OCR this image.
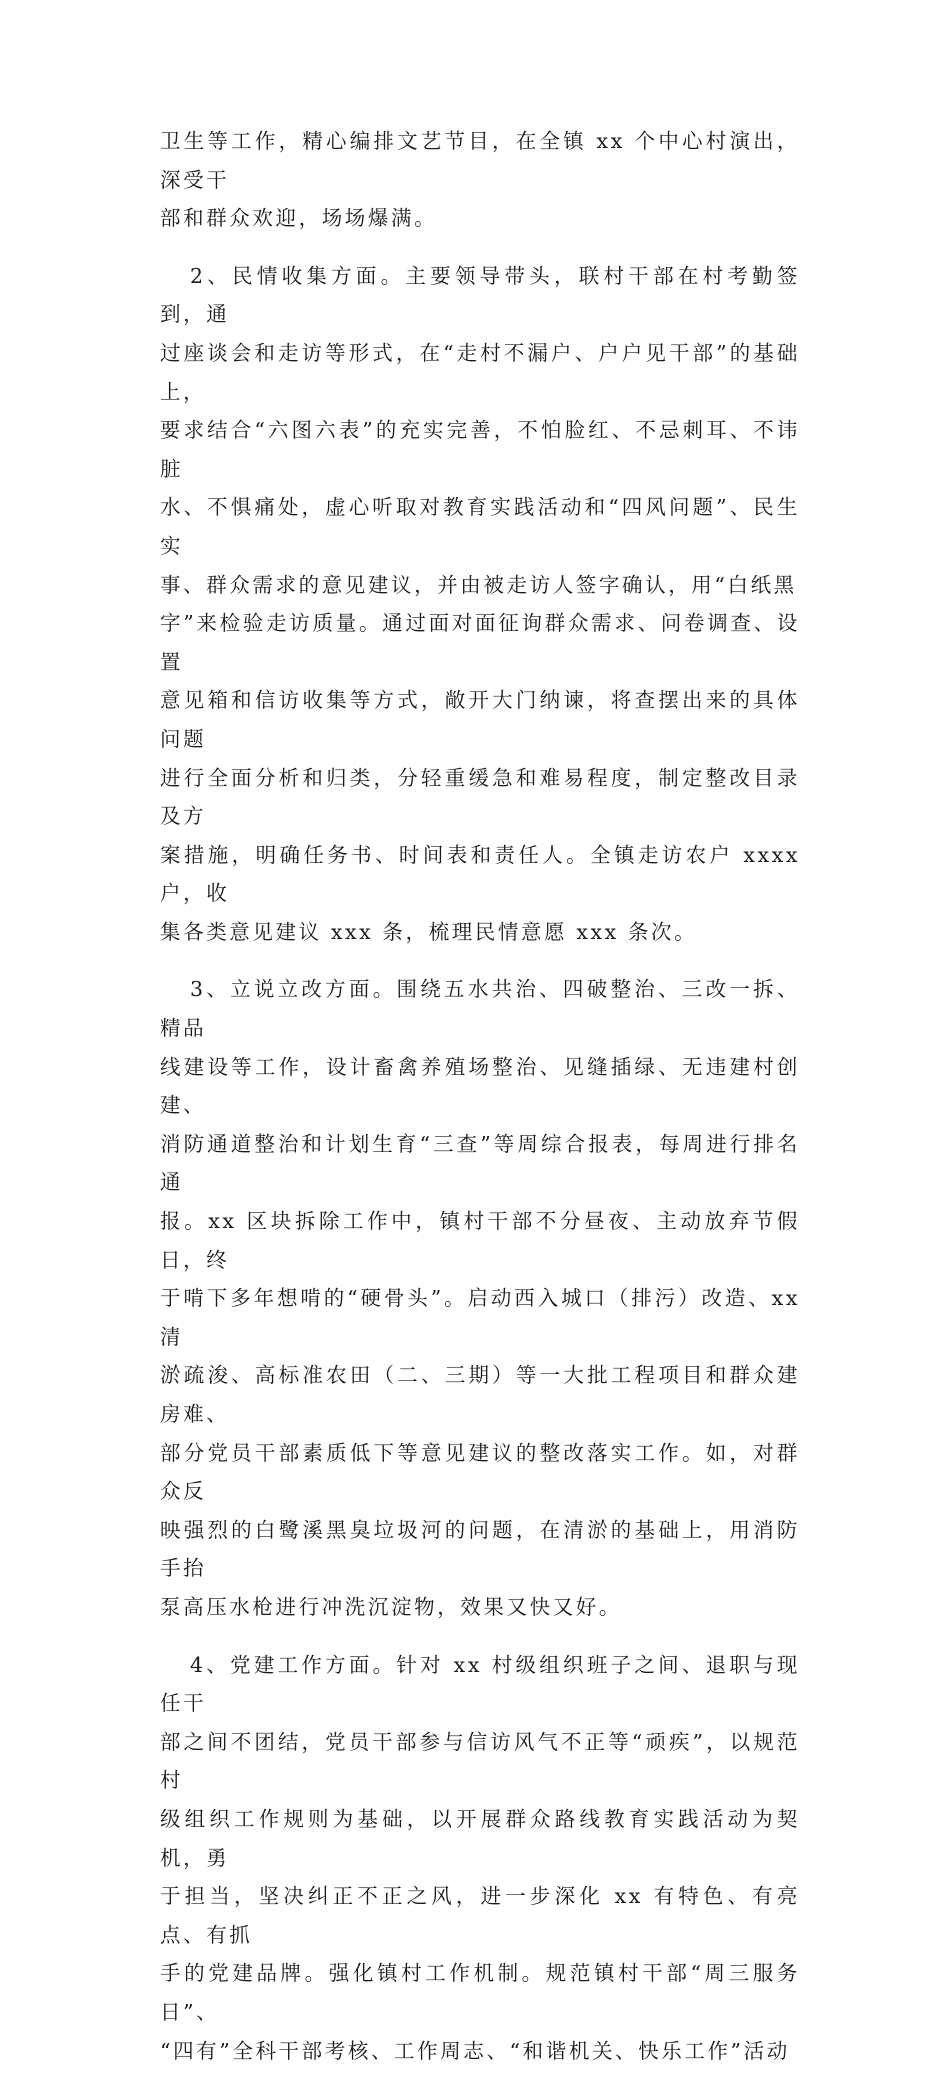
卫生等工作，精心编排文艺节目，在全镇 xx 个中心村演出，深受干
部和群众欢迎，场场爆满。
2、民情收集方面。主要领导带头，联村干部在村考勤签到，通
过座谈会和走访等形式，在“走村不漏户、户户见干部”的基础上，
要求结合“六图六表”的充实完善，不怕脸红、不忌刺耳、不讳脏
水、不惧痛处，虚心听取对教育实践活动和“四风问题”、民生实
事、群众需求的意见建议，并由被走访人签字确认，用“白纸黑
字”来检验走访质量。通过面对面征询群众需求、问卷调查、设置
意见箱和信访收集等方式，敞开大门纳谏，将查摆出来的具体问题
进行全面分析和归类，分轻重缓急和难易程度，制定整改目录及方
案措施，明确任务书、时间表和责任人。全镇走访农户 xxxx 户，收
集各类意见建议 xxx 条，梳理民情意愿 xxx 条次。
3、立说立改方面。围绕五水共治、四破整治、三改一拆、精品
线建设等工作，设计畜禽养殖场整治、见缝插绿、无违建村创建、
消防通道整治和计划生育“三查”等周综合报表，每周进行排名通
报。xx 区块拆除工作中，镇村干部不分昼夜、主动放弃节假日，终
于啃下多年想啃的“硬骨头”。启动西入城口（排污）改造、xx 清
淤疏浚、高标准农田（二、三期）等一大批工程项目和群众建房难、
部分党员干部素质低下等意见建议的整改落实工作。如，对群众反
映强烈的白鹭溪黑臭垃圾河的问题，在清淤的基础上，用消防手抬
泵高压水枪进行冲洗沉淀物，效果又快又好。
4、党建工作方面。针对 xx 村级组织班子之间、退职与现任干
部之间不团结，党员干部参与信访风气不正等“顽疾”，以规范村
级组织工作规则为基础，以开展群众路线教育实践活动为契机，勇
于担当，坚决纠正不正之风，进一步深化 xx 有特色、有亮点、有抓
手的党建品牌。强化镇村工作机制。规范镇村干部“周三服务日”、
“四有”全科干部考核、工作周志、“和谐机关、快乐工作”活动
